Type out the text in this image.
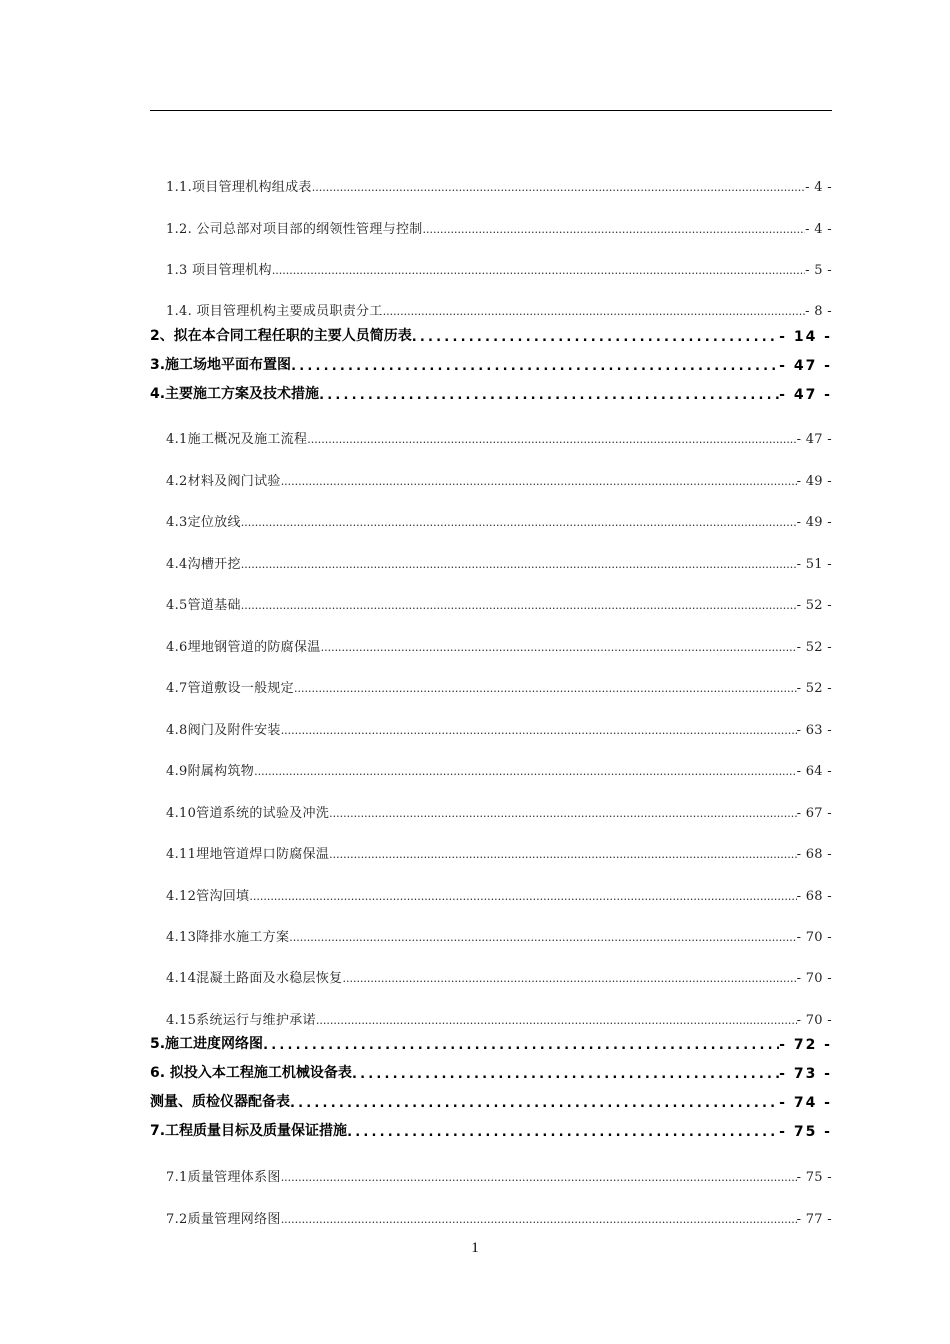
1.1.项目管理机构组成表 .....	- 4 -
1.2. 公司总部对项目部的纲领性管理与控制 .....	- 4 -
1.3 项目管理机构 .....	- 5 -
1.4. 项目管理机构主要成员职责分工 .....	- 8 -
2、拟在本合同工程任职的主要人员简历表 .....	- 14 -
3.施工场地平面布置图 .....	- 47 -
4.主要施工方案及技术措施 .....	- 47 -
4.1施工概况及施工流程 .....	- 47 -
4.2材料及阀门试验 .....	- 49 -
4.3定位放线 .....	- 49 -
4.4沟槽开挖 .....	- 51 -
4.5管道基础 .....	- 52 -
4.6埋地钢管道的防腐保温 .....	- 52 -
4.7管道敷设一般规定 .....	- 52 -
4.8阀门及附件安装 .....	- 63 -
4.9附属构筑物 .....	- 64 -
4.10管道系统的试验及冲洗 .....	- 67 -
4.11埋地管道焊口防腐保温 .....	- 68 -
4.12管沟回填 .....	- 68 -
4.13降排水施工方案 .....	- 70 -
4.14混凝土路面及水稳层恢复 .....	- 70 -
4.15系统运行与维护承诺 .....	- 70 -
5.施工进度网络图 .....	- 72 -
6. 拟投入本工程施工机械设备表 .....	- 73 -
测量、质检仪器配备表 .....	- 74 -
7.工程质量目标及质量保证措施 .....	- 75 -
7.1质量管理体系图 .....	- 75 -
7.2质量管理网络图 .....	- 77 -
1
